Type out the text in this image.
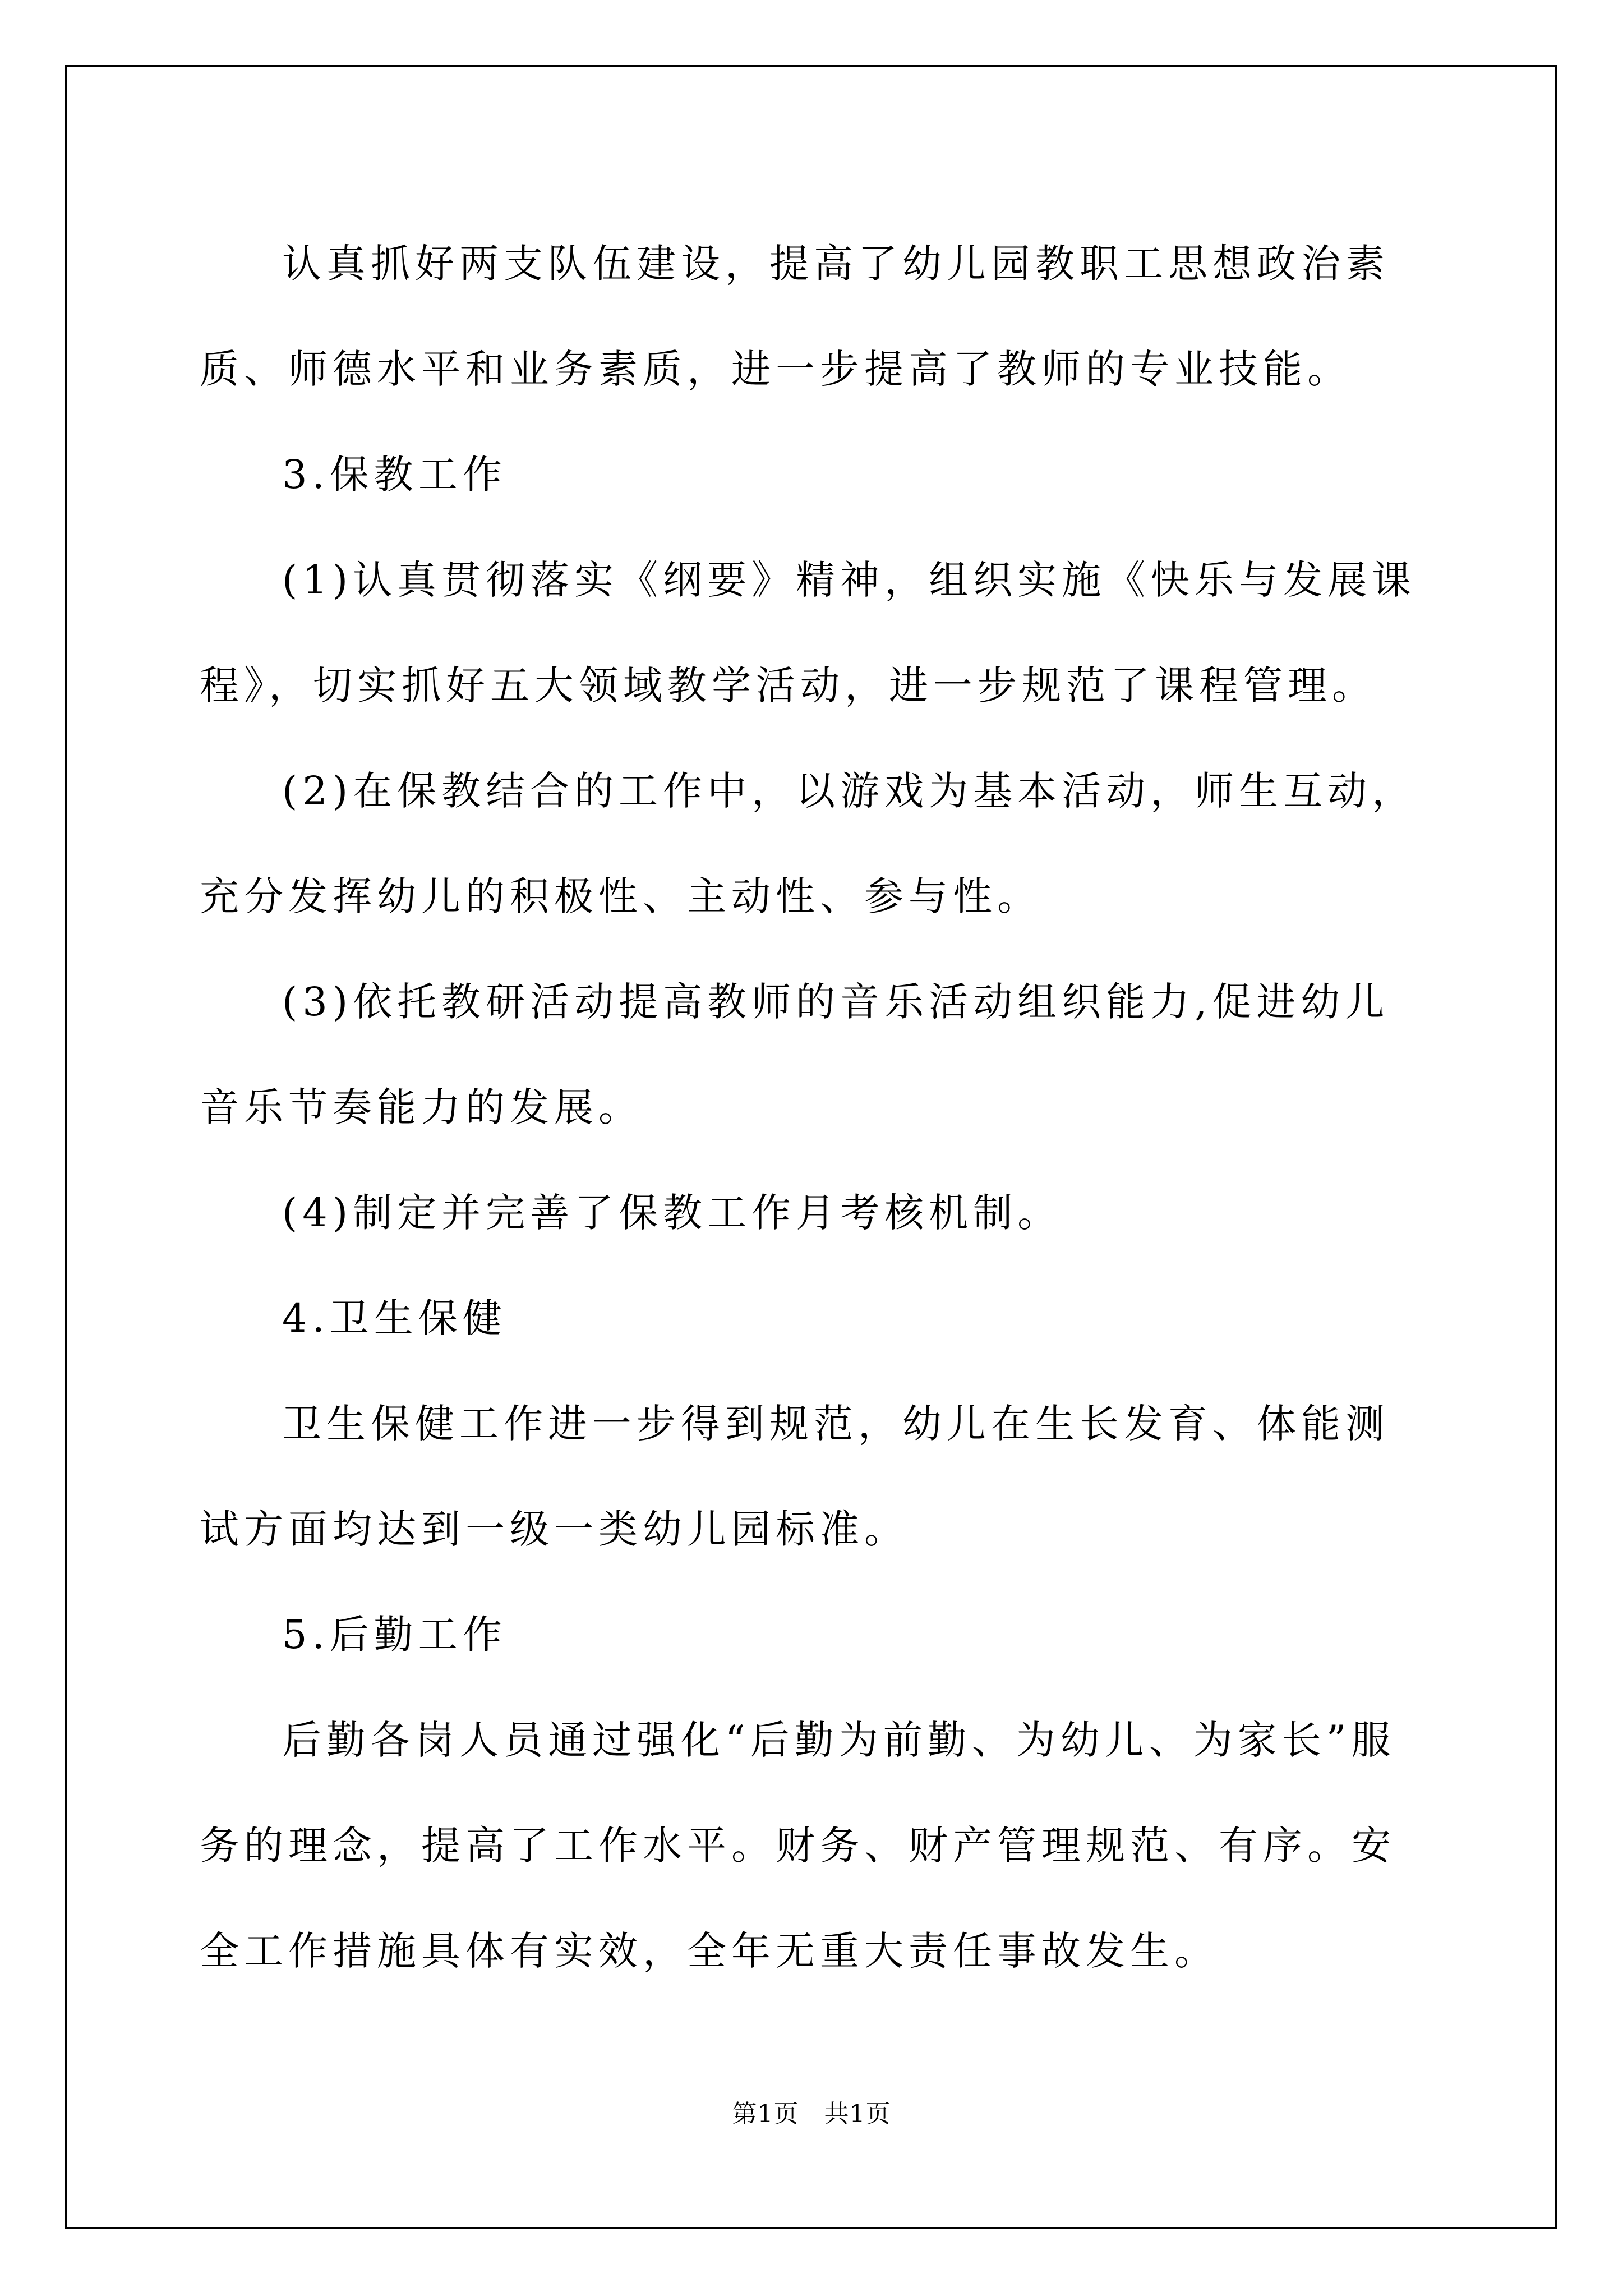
认真抓好两支队伍建设，提高了幼儿园教职工思想政治素质、师德水平和业务素质，进一步提高了教师的专业技能。

3.保教工作

(1)认真贯彻落实《纲要》精神，组织实施《快乐与发展课程》，切实抓好五大领域教学活动，进一步规范了课程管理。

(2)在保教结合的工作中，以游戏为基本活动，师生互动，充分发挥幼儿的积极性、主动性、参与性。

(3)依托教研活动提高教师的音乐活动组织能力,促进幼儿音乐节奏能力的发展。

(4)制定并完善了保教工作月考核机制。

4.卫生保健

卫生保健工作进一步得到规范，幼儿在生长发育、体能测试方面均达到一级一类幼儿园标准。

5.后勤工作

后勤各岗人员通过强化“后勤为前勤、为幼儿、为家长”服务的理念，提高了工作水平。财务、财产管理规范、有序。安全工作措施具体有实效，全年无重大责任事故发生。

第1页 共1页
